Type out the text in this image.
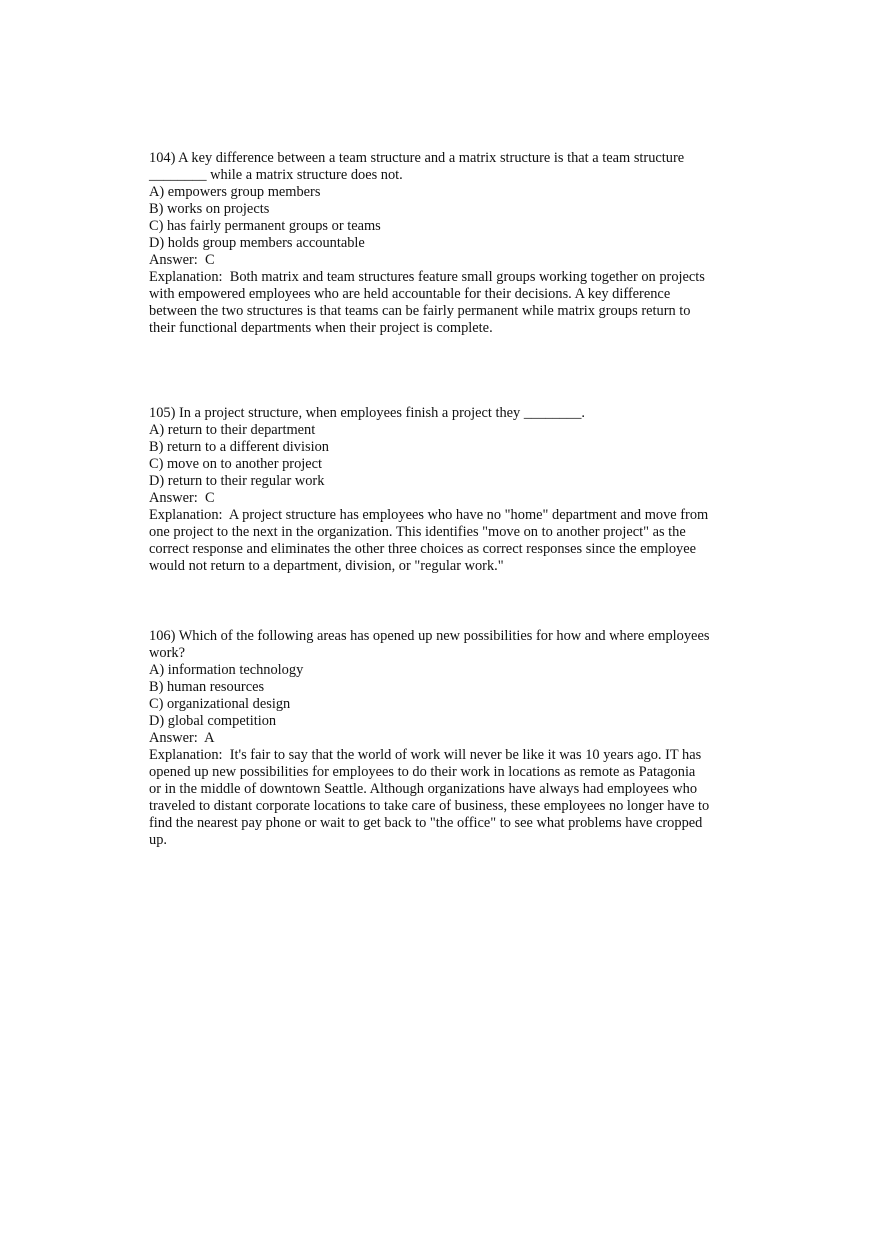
104) A key difference between a team structure and a matrix structure is that a team structure
________ while a matrix structure does not.
A) empowers group members
B) works on projects
C) has fairly permanent groups or teams
D) holds group members accountable
Answer:  C
Explanation:  Both matrix and team structures feature small groups working together on projects
with empowered employees who are held accountable for their decisions. A key difference
between the two structures is that teams can be fairly permanent while matrix groups return to
their functional departments when their project is complete.
105) In a project structure, when employees finish a project they ________.
A) return to their department
B) return to a different division
C) move on to another project
D) return to their regular work
Answer:  C
Explanation:  A project structure has employees who have no "home" department and move from
one project to the next in the organization. This identifies "move on to another project" as the
correct response and eliminates the other three choices as correct responses since the employee
would not return to a department, division, or "regular work."
106) Which of the following areas has opened up new possibilities for how and where employees
work?
A) information technology
B) human resources
C) organizational design
D) global competition
Answer:  A
Explanation:  It's fair to say that the world of work will never be like it was 10 years ago. IT has
opened up new possibilities for employees to do their work in locations as remote as Patagonia
or in the middle of downtown Seattle. Although organizations have always had employees who
traveled to distant corporate locations to take care of business, these employees no longer have to
find the nearest pay phone or wait to get back to "the office" to see what problems have cropped
up.
